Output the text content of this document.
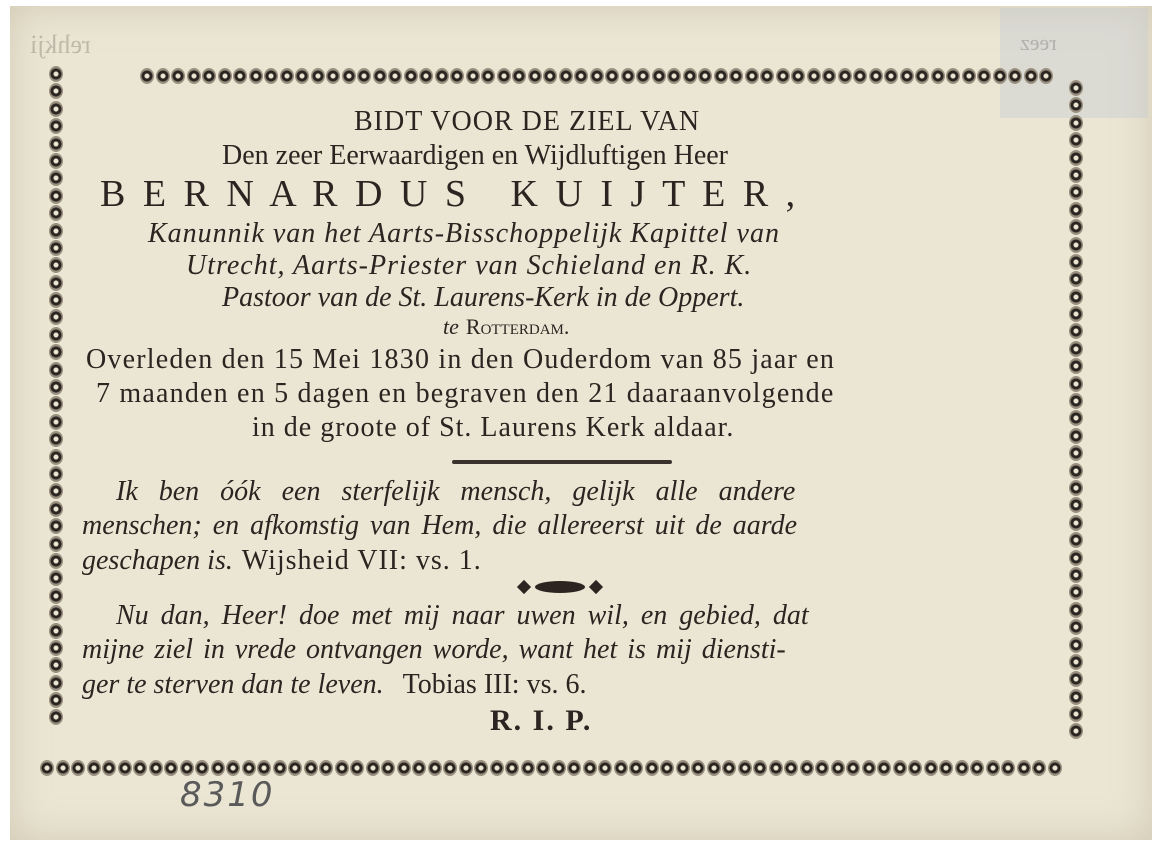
rеhkji	reez
BIDT VOOR DE ZIEL VAN
Den zeer Eerwaardigen en Wijdluftigen Heer
B E R N A R D U S   K U I J T E R ,
Kanunnik van het Aarts-Bisschoppelijk Kapittel van
Utrecht, Aarts-Priester van Schieland en R. K.
Pastoor van de St. Laurens-Kerk in de Oppert.
te Rotterdam.
Overleden den 15 Mei 1830 in den Ouderdom van 85 jaar en
7 maanden en 5 dagen en begraven den 21 daaraanvolgende
in de groote of St. Laurens Kerk aldaar.
Ik ben óók een sterfelijk mensch, gelijk alle andere
menschen; en afkomstig van Hem, die allereerst uit de aarde
geschapen is. Wijsheid VII: vs. 1.
Nu dan, Heer! doe met mij naar uwen wil, en gebied, dat
mijne ziel in vrede ontvangen worde, want het is mij diensti-
ger te sterven dan te leven. Tobias III: vs. 6.
R. I. P.
8310
